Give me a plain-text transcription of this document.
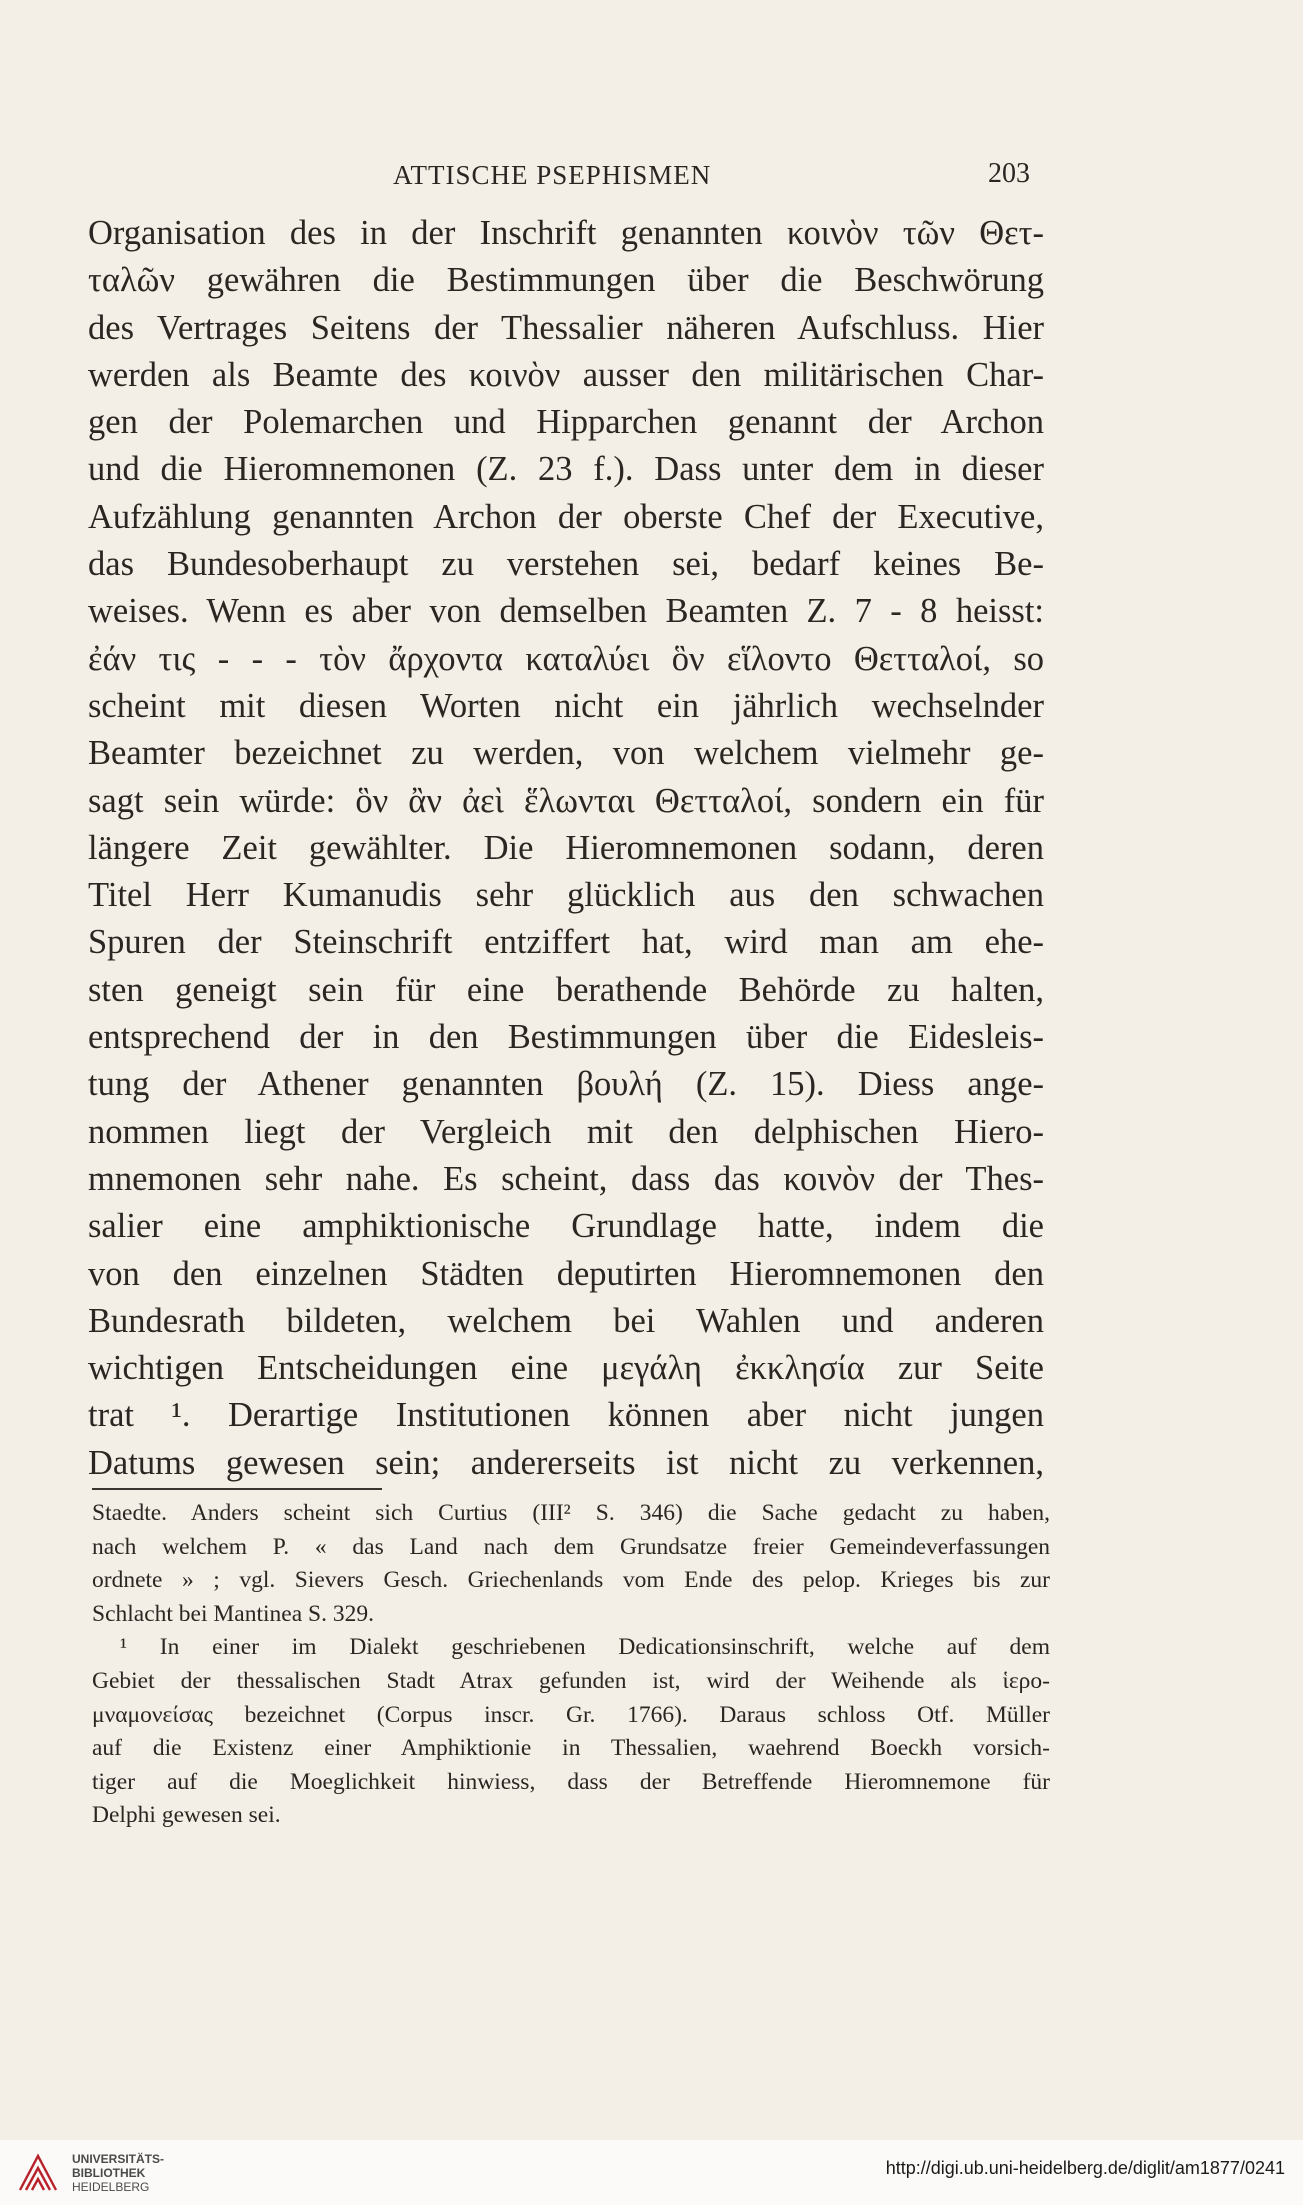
ATTISCHE PSEPHISMEN	203
Organisation des in der Inschrift genannten κοινὸν τῶν Θετ-
ταλῶν gewähren die Bestimmungen über die Beschwörung
des Vertrages Seitens der Thessalier näheren Aufschluss. Hier
werden als Beamte des κοινὸν ausser den militärischen Char-
gen der Polemarchen und Hipparchen genannt der Archon
und die Hieromnemonen (Z. 23 f.). Dass unter dem in dieser
Aufzählung genannten Archon der oberste Chef der Executive,
das Bundesoberhaupt zu verstehen sei, bedarf keines Be-
weises. Wenn es aber von demselben Beamten Z. 7 - 8 heisst:
ἐάν τις - - - τὸν ἄρχοντα καταλύει ὃν εἵλοντο Θετταλοί, so
scheint mit diesen Worten nicht ein jährlich wechselnder
Beamter bezeichnet zu werden, von welchem vielmehr ge-
sagt sein würde: ὃν ἂν ἀεὶ ἕλωνται Θετταλοί, sondern ein für
längere Zeit gewählter. Die Hieromnemonen sodann, deren
Titel Herr Kumanudis sehr glücklich aus den schwachen
Spuren der Steinschrift entziffert hat, wird man am ehe-
sten geneigt sein für eine berathende Behörde zu halten,
entsprechend der in den Bestimmungen über die Eidesleis-
tung der Athener genannten βουλή (Z. 15). Diess ange-
nommen liegt der Vergleich mit den delphischen Hiero-
mnemonen sehr nahe. Es scheint, dass das κοινὸν der Thes-
salier eine amphiktionische Grundlage hatte, indem die
von den einzelnen Städten deputirten Hieromnemonen den
Bundesrath bildeten, welchem bei Wahlen und anderen
wichtigen Entscheidungen eine μεγάλη ἐκκλησία zur Seite
trat ¹. Derartige Institutionen können aber nicht jungen
Datums gewesen sein; andererseits ist nicht zu verkennen,
Staedte. Anders scheint sich Curtius (III² S. 346) die Sache gedacht zu haben,
nach welchem P. « das Land nach dem Grundsatze freier Gemeindeverfassungen
ordnete » ; vgl. Sievers Gesch. Griechenlands vom Ende des pelop. Krieges bis zur
Schlacht bei Mantinea S. 329.
¹ In einer im Dialekt geschriebenen Dedicationsinschrift, welche auf dem
Gebiet der thessalischen Stadt Atrax gefunden ist, wird der Weihende als ἱερο-
μναμονείσας bezeichnet (Corpus inscr. Gr. 1766). Daraus schloss Otf. Müller
auf die Existenz einer Amphiktionie in Thessalien, waehrend Boeckh vorsich-
tiger auf die Moeglichkeit hinwiess, dass der Betreffende Hieromnemone für
Delphi gewesen sei.
UNIVERSITÄTS-
BIBLIOTHEK
HEIDELBERG
http://digi.ub.uni-heidelberg.de/diglit/am1877/0241
